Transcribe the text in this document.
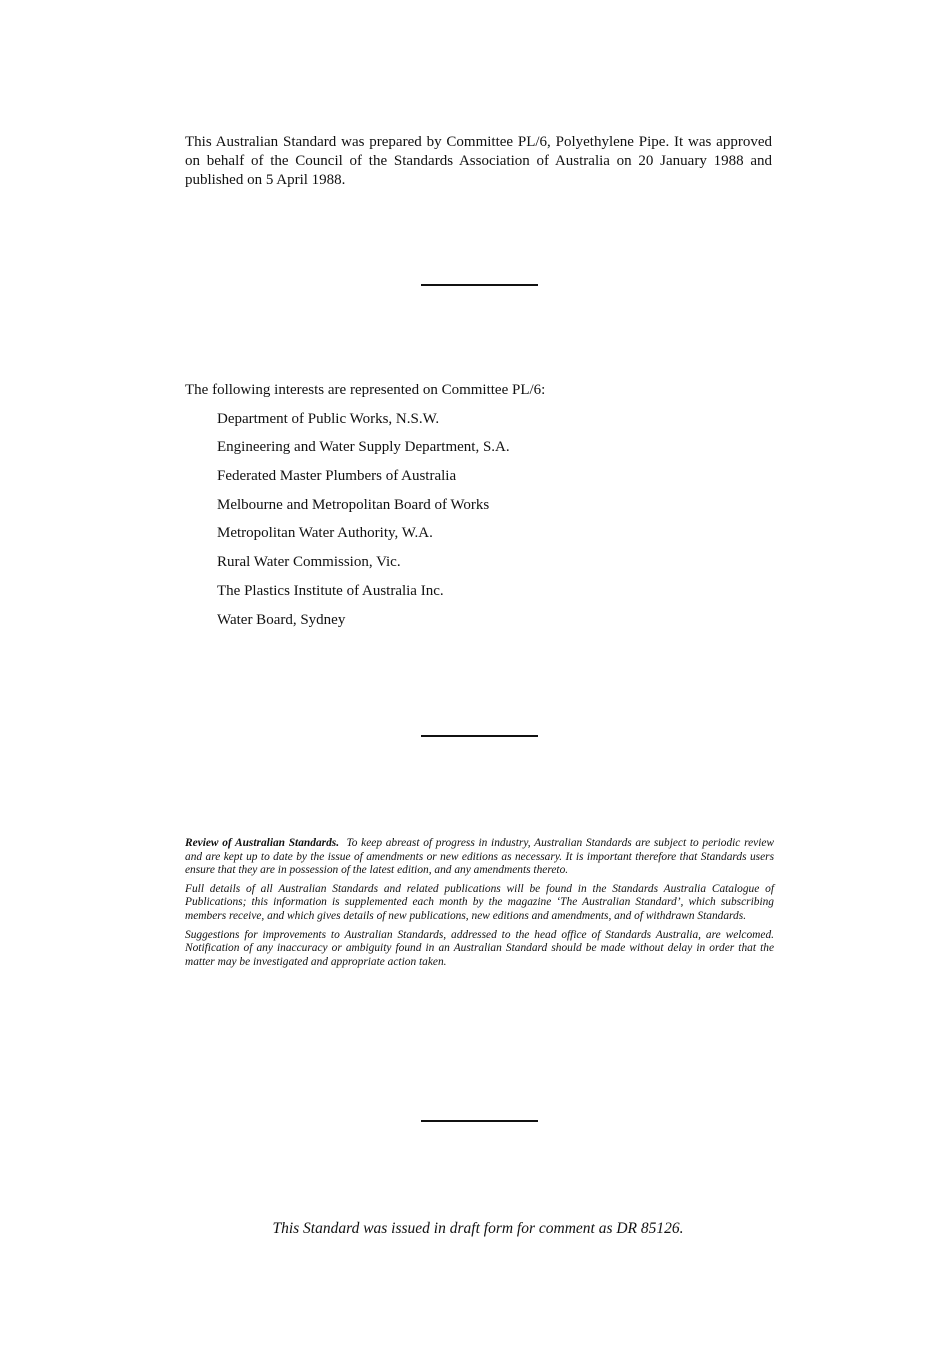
This Australian Standard was prepared by Committee PL/6, Polyethylene Pipe. It was approved on behalf of the Council of the Standards Association of Australia on 20 January 1988 and published on 5 April 1988.

The following interests are represented on Committee PL/6:

Department of Public Works, N.S.W.
Engineering and Water Supply Department, S.A.
Federated Master Plumbers of Australia
Melbourne and Metropolitan Board of Works
Metropolitan Water Authority, W.A.
Rural Water Commission, Vic.
The Plastics Institute of Australia Inc.
Water Board, Sydney

Review of Australian Standards. To keep abreast of progress in industry, Australian Standards are subject to periodic review and are kept up to date by the issue of amendments or new editions as necessary. It is important therefore that Standards users ensure that they are in possession of the latest edition, and any amendments thereto.

Full details of all Australian Standards and related publications will be found in the Standards Australia Catalogue of Publications; this information is supplemented each month by the magazine ‘The Australian Standard’, which subscribing members receive, and which gives details of new publications, new editions and amendments, and of withdrawn Standards.

Suggestions for improvements to Australian Standards, addressed to the head office of Standards Australia, are welcomed. Notification of any inaccuracy or ambiguity found in an Australian Standard should be made without delay in order that the matter may be investigated and appropriate action taken.

This Standard was issued in draft form for comment as DR 85126.
